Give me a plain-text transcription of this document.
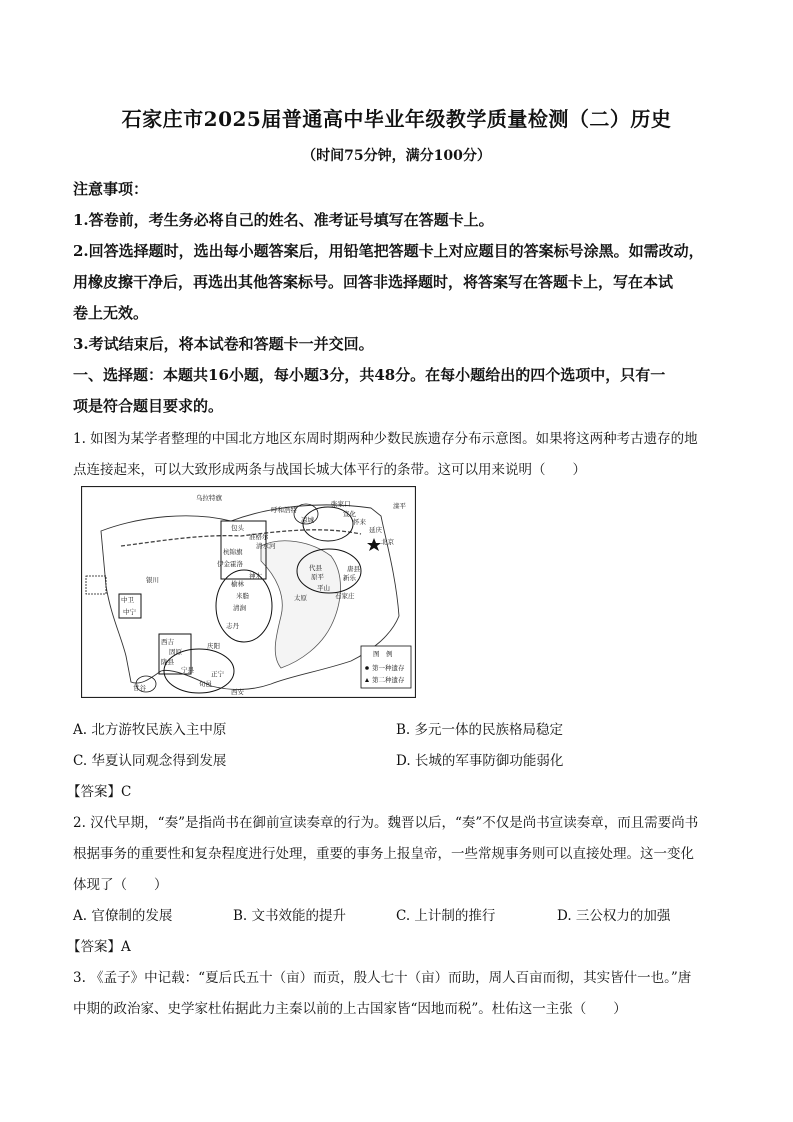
石家庄市2025届普通高中毕业年级教学质量检测（二）历史
（时间75分钟，满分100分）
注意事项：
1.答卷前，考生务必将自己的姓名、准考证号填写在答题卡上。
2.回答选择题时，选出每小题答案后，用铅笔把答题卡上对应题目的答案标号涂黑。如需改动，
用橡皮擦干净后，再选出其他答案标号。回答非选择题时，将答案写在答题卡上，写在本试
卷上无效。
3.考试结束后，将本试卷和答题卡一并交回。
一、选择题：本题共16小题，每小题3分，共48分。在每小题给出的四个选项中，只有一
项是符合题目要求的。
1. 如图为某学者整理的中国北方地区东周时期两种少数民族遗存分布示意图。如果将这两种考古遗存的地
点连接起来，可以大致形成两条与战国长城大体平行的条带。这可以用来说明（　　）
乌拉特旗
呼和浩特
张家口	滦平
凉城
宣化
怀来
延庆
北京
包头
准格尔
杭锦旗
伊金霍洛
清水河
神木
代县
原平
唐县
新乐
平山
石家庄
太原
银川
中卫
中宁
榆林
米脂
清涧
志丹
西吉
固原
庆阳
宁县	正宁
旬邑
西安
甘谷
陇县
图　例
第一种遗存
第二种遗存
A. 北方游牧民族入主中原	B. 多元一体的民族格局稳定
C. 华夏认同观念得到发展	D. 长城的军事防御功能弱化
【答案】C
2. 汉代早期，“奏”是指尚书在御前宣读奏章的行为。魏晋以后，“奏”不仅是尚书宣读奏章，而且需要尚书
根据事务的重要性和复杂程度进行处理，重要的事务上报皇帝，一些常规事务则可以直接处理。这一变化
体现了（　　）
A. 官僚制的发展	B. 文书效能的提升	C. 上计制的推行	D. 三公权力的加强
【答案】A
3. 《孟子》中记载：“夏后氏五十（亩）而贡，殷人七十（亩）而助，周人百亩而彻，其实皆什一也。”唐
中期的政治家、史学家杜佑据此力主秦以前的上古国家皆“因地而税”。杜佑这一主张（　　）
